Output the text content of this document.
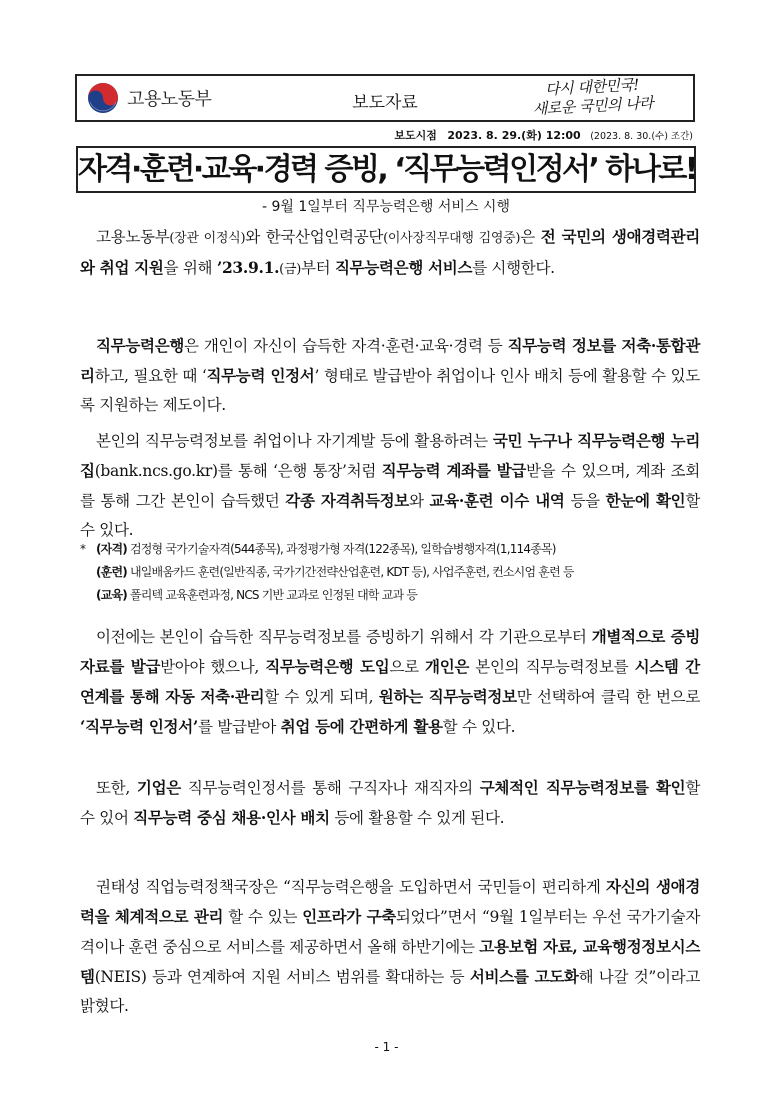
고용노동부	보도자료
다시 대한민국!
새로운 국민의 나라
보도시점 2023. 8. 29.(화) 12:00 (2023. 8. 30.(수) 조간)
자격·훈련·교육·경력 증빙, ‘직무능력인정서’ 하나로!
- 9월 1일부터 직무능력은행 서비스 시행

고용노동부(장관 이정식)와 한국산업인력공단(이사장직무대행 김영중)은 전 국민의 생애경력관리와 취업 지원을 위해 ’23.9.1.(금)부터 직무능력은행 서비스를 시행한다.

직무능력은행은 개인이 자신이 습득한 자격·훈련·교육·경력 등 직무능력 정보를 저축·통합관리하고, 필요한 때 ‘직무능력 인정서’ 형태로 발급받아 취업이나 인사 배치 등에 활용할 수 있도록 지원하는 제도이다.

본인의 직무능력정보를 취업이나 자기계발 등에 활용하려는 국민 누구나 직무능력은행 누리집(bank.ncs.go.kr)를 통해 ‘은행 통장’처럼 직무능력 계좌를 발급받을 수 있으며, 계좌 조회를 통해 그간 본인이 습득했던 각종 자격취득정보와 교육·훈련 이수 내역 등을 한눈에 확인할 수 있다.

* (자격) 검정형 국가기술자격(544종목), 과정평가형 자격(122종목), 일학습병행자격(1,114종목)
(훈련) 내일배움카드 훈련(일반직종, 국가기간전략산업훈련, KDT 등), 사업주훈련, 컨소시엄 훈련 등
(교육) 폴리텍 교육훈련과정, NCS 기반 교과로 인정된 대학 교과 등

이전에는 본인이 습득한 직무능력정보를 증빙하기 위해서 각 기관으로부터 개별적으로 증빙자료를 발급받아야 했으나, 직무능력은행 도입으로 개인은 본인의 직무능력정보를 시스템 간 연계를 통해 자동 저축·관리할 수 있게 되며, 원하는 직무능력정보만 선택하여 클릭 한 번으로 ‘직무능력 인정서’를 발급받아 취업 등에 간편하게 활용할 수 있다.

또한, 기업은 직무능력인정서를 통해 구직자나 재직자의 구체적인 직무능력정보를 확인할 수 있어 직무능력 중심 채용·인사 배치 등에 활용할 수 있게 된다.

권태성 직업능력정책국장은 “직무능력은행을 도입하면서 국민들이 편리하게 자신의 생애경력을 체계적으로 관리 할 수 있는 인프라가 구축되었다”면서 “9월 1일부터는 우선 국가기술자격이나 훈련 중심으로 서비스를 제공하면서 올해 하반기에는 고용보험 자료, 교육행정정보시스템(NEIS) 등과 연계하여 지원 서비스 범위를 확대하는 등 서비스를 고도화해 나갈 것”이라고 밝혔다.

- 1 -
